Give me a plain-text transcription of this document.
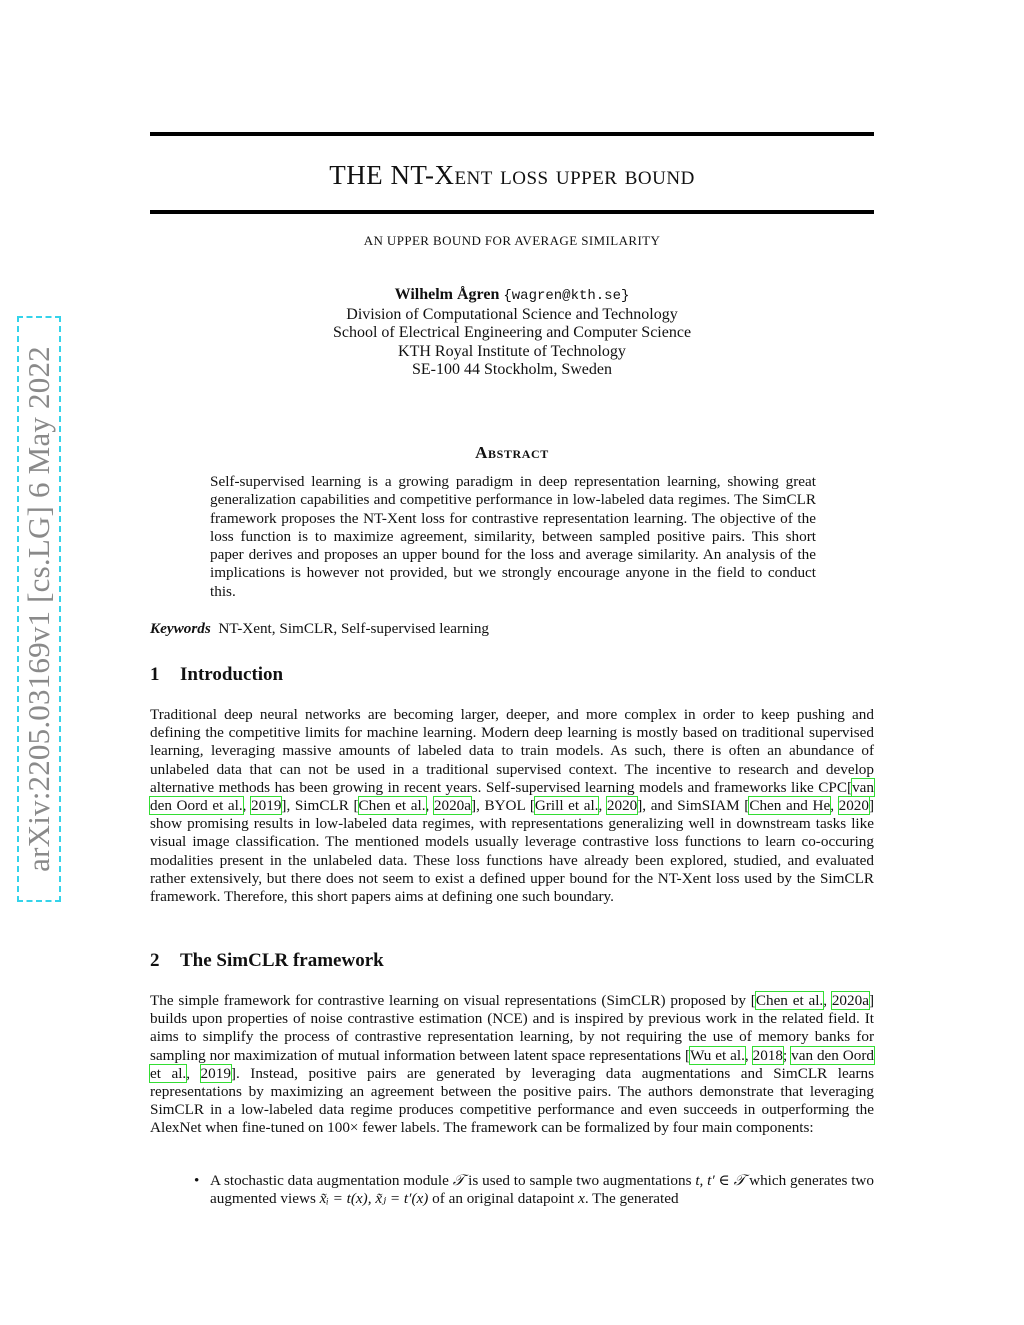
arXiv:2205.03169v1 [cs.LG] 6 May 2022
THE NT-Xent loss upper bound
AN UPPER BOUND FOR AVERAGE SIMILARITY
Wilhelm Ågren {wagren@kth.se}
Division of Computational Science and Technology
School of Electrical Engineering and Computer Science
KTH Royal Institute of Technology
SE-100 44 Stockholm, Sweden
Abstract
Self-supervised learning is a growing paradigm in deep representation learning, showing great generalization capabilities and competitive performance in low-labeled data regimes. The SimCLR framework proposes the NT-Xent loss for contrastive representation learning. The objective of the loss function is to maximize agreement, similarity, between sampled positive pairs. This short paper derives and proposes an upper bound for the loss and average similarity. An analysis of the implications is however not provided, but we strongly encourage anyone in the field to conduct this.
Keywords NT-Xent, SimCLR, Self-supervised learning
1 Introduction
Traditional deep neural networks are becoming larger, deeper, and more complex in order to keep pushing and defining the competitive limits for machine learning. Modern deep learning is mostly based on traditional supervised learning, leveraging massive amounts of labeled data to train models. As such, there is often an abundance of unlabeled data that can not be used in a traditional supervised context. The incentive to research and develop alternative methods has been growing in recent years. Self-supervised learning models and frameworks like CPC[van den Oord et al., 2019], SimCLR [Chen et al., 2020a], BYOL [Grill et al., 2020], and SimSIAM [Chen and He, 2020] show promising results in low-labeled data regimes, with representations generalizing well in downstream tasks like visual image classification. The mentioned models usually leverage contrastive loss functions to learn co-occuring modalities present in the unlabeled data. These loss functions have already been explored, studied, and evaluated rather extensively, but there does not seem to exist a defined upper bound for the NT-Xent loss used by the SimCLR framework. Therefore, this short papers aims at defining one such boundary.
2 The SimCLR framework
The simple framework for contrastive learning on visual representations (SimCLR) proposed by [Chen et al., 2020a] builds upon properties of noise contrastive estimation (NCE) and is inspired by previous work in the related field. It aims to simplify the process of contrastive representation learning, by not requiring the use of memory banks for sampling nor maximization of mutual information between latent space representations [Wu et al., 2018; van den Oord et al., 2019]. Instead, positive pairs are generated by leveraging data augmentations and SimCLR learns representations by maximizing an agreement between the positive pairs. The authors demonstrate that leveraging SimCLR in a low-labeled data regime produces competitive performance and even succeeds in outperforming the AlexNet when fine-tuned on 100× fewer labels. The framework can be formalized by four main components:
• A stochastic data augmentation module 𝒯 is used to sample two augmentations t, t′ ∈ 𝒯 which generates two augmented views x̃ᵢ = t(x), x̃ⱼ = t′(x) of an original datapoint x. The generated
